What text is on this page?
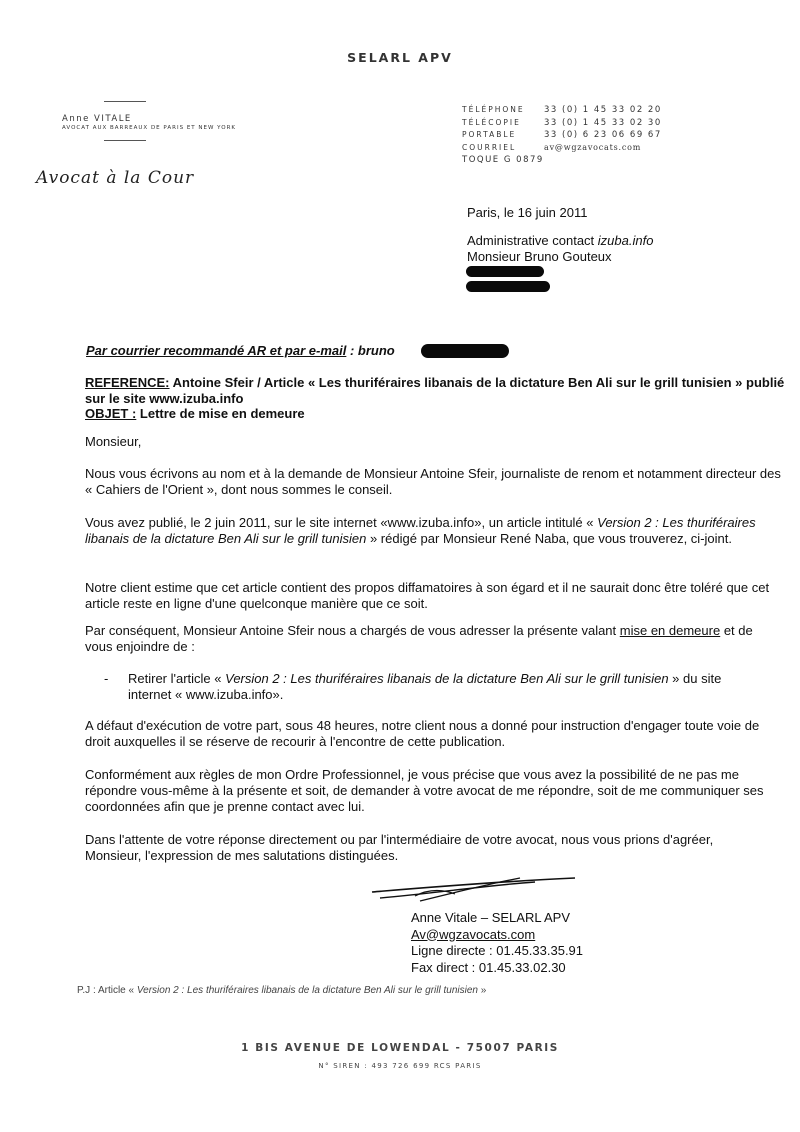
SELARL APV
Anne VITALE
AVOCAT AUX BARREAUX DE PARIS ET NEW YORK
Avocat à la Cour
TÉLÉPHONE	33 (0) 1 45 33 02 20
TÉLÉCOPIE	33 (0) 1 45 33 02 30
PORTABLE	33 (0) 6 23 06 69 67
COURRIEL	av@wgzavocats.com
TOQUE G 0879
Paris, le 16 juin 2011
Administrative contact izuba.info
Monsieur Bruno Gouteux
Par courrier recommandé AR et par e-mail : bruno
REFERENCE: Antoine Sfeir / Article « Les thuriféraires libanais de la dictature Ben Ali sur le grill tunisien » publié sur le site www.izuba.info
OBJET : Lettre de mise en demeure
Monsieur,
Nous vous écrivons au nom et à la demande de Monsieur Antoine Sfeir, journaliste de renom et notamment directeur des « Cahiers de l'Orient », dont nous sommes le conseil.
Vous avez publié, le 2 juin 2011, sur le site internet «www.izuba.info», un article intitulé « Version 2 : Les thuriféraires libanais de la dictature Ben Ali sur le grill tunisien » rédigé par Monsieur René Naba, que vous trouverez, ci-joint.
Notre client estime que cet article contient des propos diffamatoires à son égard et il ne saurait donc être toléré que cet article reste en ligne d'une quelconque manière que ce soit.
Par conséquent, Monsieur Antoine Sfeir nous a chargés de vous adresser la présente valant mise en demeure et de vous enjoindre de :
- Retirer l'article « Version 2 : Les thuriféraires libanais de la dictature Ben Ali sur le grill tunisien » du site internet « www.izuba.info».
A défaut d'exécution de votre part, sous 48 heures, notre client nous a donné pour instruction d'engager toute voie de droit auxquelles il se réserve de recourir à l'encontre de cette publication.
Conformément aux règles de mon Ordre Professionnel, je vous précise que vous avez la possibilité de ne pas me répondre vous-même à la présente et soit, de demander à votre avocat de me répondre, soit de me communiquer ses coordonnées afin que je prenne contact avec lui.
Dans l'attente de votre réponse directement ou par l'intermédiaire de votre avocat, nous vous prions d'agréer, Monsieur, l'expression de mes salutations distinguées.
Anne Vitale – SELARL APV
Av@wgzavocats.com
Ligne directe : 01.45.33.35.91
Fax direct : 01.45.33.02.30
P.J : Article « Version 2 : Les thuriféraires libanais de la dictature Ben Ali sur le grill tunisien »
1 BIS AVENUE DE LOWENDAL - 75007 PARIS
N° SIREN : 493 726 699 RCS PARIS
